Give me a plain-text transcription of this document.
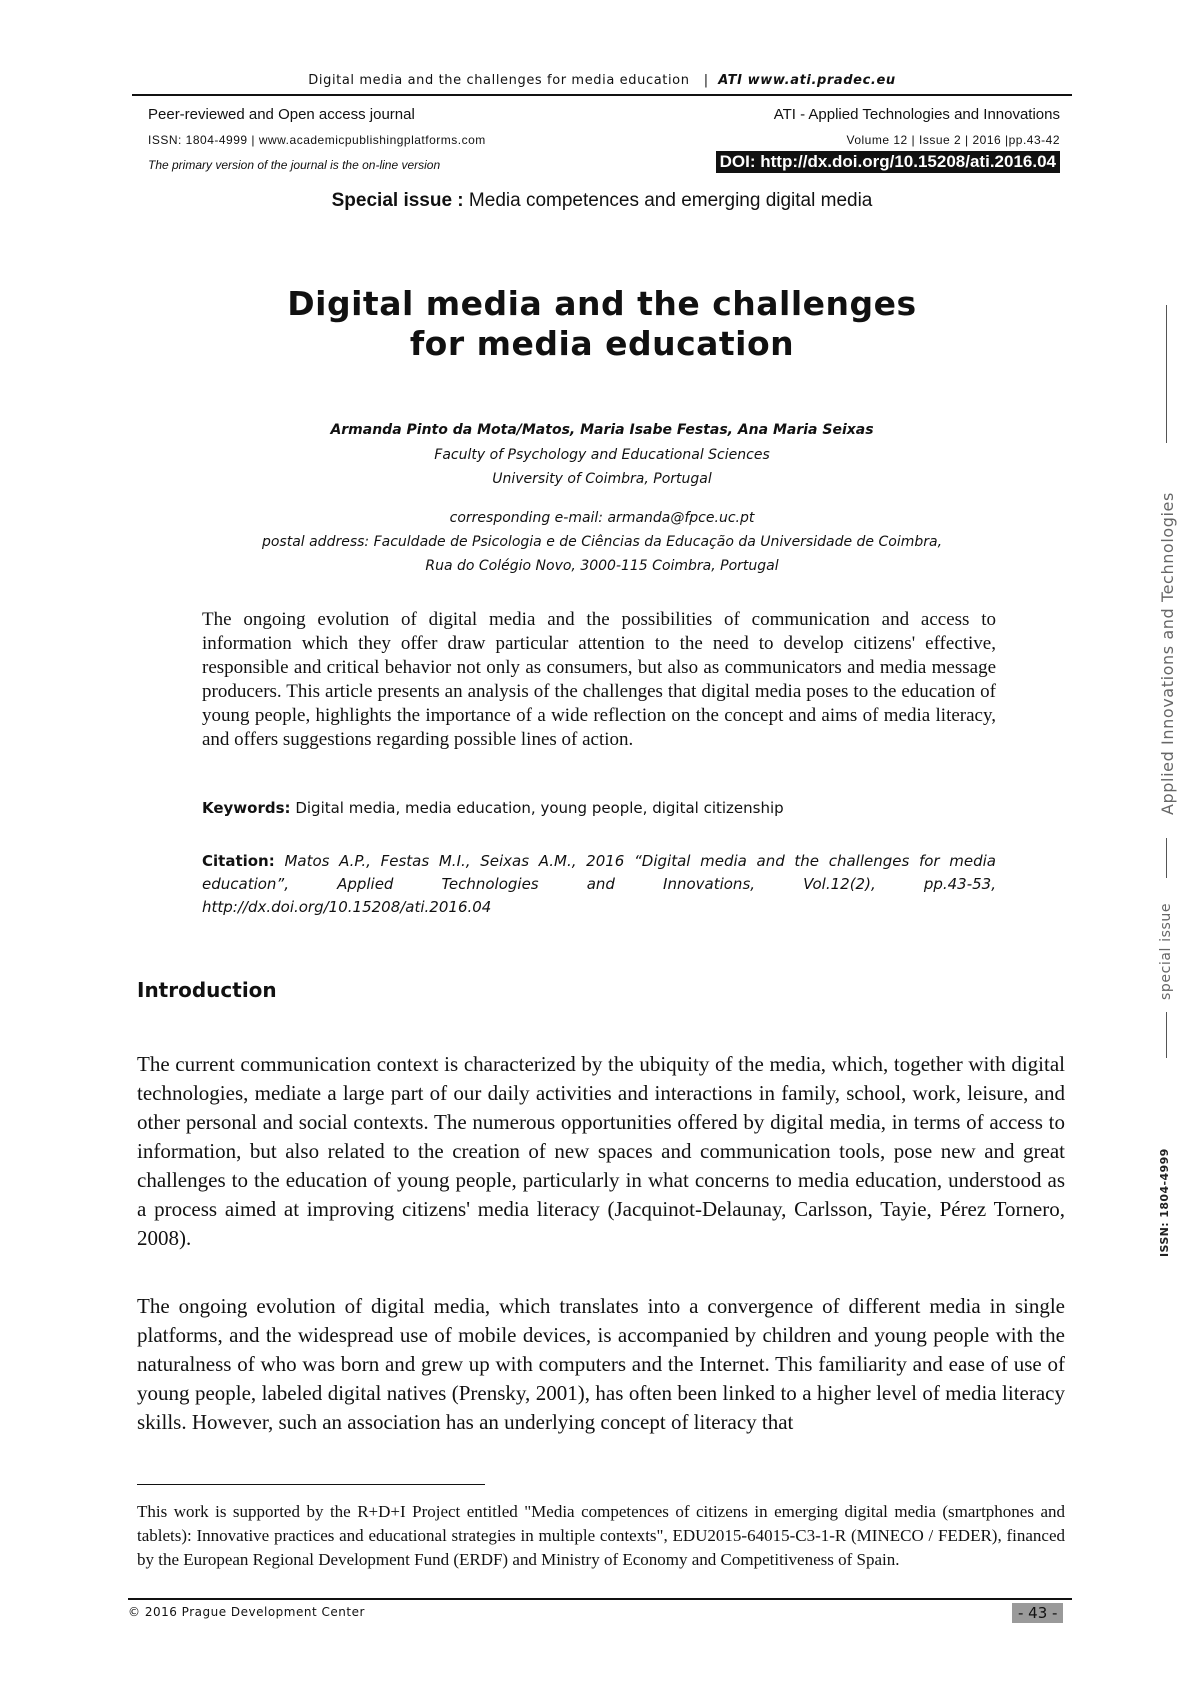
Digital media and the challenges for media education | ATI www.ati.pradec.eu
Peer-reviewed and Open access journal
ISSN: 1804-4999 | www.academicpublishingplatforms.com
The primary version of the journal is the on-line version
ATI - Applied Technologies and Innovations
Volume 12 | Issue 2 | 2016 |pp.43-42
DOI: http://dx.doi.org/10.15208/ati.2016.04
Special issue : Media competences and emerging digital media
Digital media and the challenges
for media education
Armanda Pinto da Mota/Matos, Maria Isabe Festas, Ana Maria Seixas
Faculty of Psychology and Educational Sciences
University of Coimbra, Portugal
corresponding e-mail: armanda@fpce.uc.pt
postal address: Faculdade de Psicologia e de Ciências da Educação da Universidade de Coimbra,
Rua do Colégio Novo, 3000-115 Coimbra, Portugal
The ongoing evolution of digital media and the possibilities of communication and access to information which they offer draw particular attention to the need to develop citizens' effective, responsible and critical behavior not only as consumers, but also as communicators and media message producers. This article presents an analysis of the challenges that digital media poses to the education of young people, highlights the importance of a wide reflection on the concept and aims of media literacy, and offers suggestions regarding possible lines of action.
Keywords: Digital media, media education, young people, digital citizenship
Citation: Matos A.P., Festas M.I., Seixas A.M., 2016 “Digital media and the challenges for media education”, Applied Technologies and Innovations, Vol.12(2), pp.43-53, http://dx.doi.org/10.15208/ati.2016.04
Introduction
The current communication context is characterized by the ubiquity of the media, which, together with digital technologies, mediate a large part of our daily activities and interactions in family, school, work, leisure, and other personal and social contexts. The numerous opportunities offered by digital media, in terms of access to information, but also related to the creation of new spaces and communication tools, pose new and great challenges to the education of young people, particularly in what concerns to media education, understood as a process aimed at improving citizens' media literacy (Jacquinot-Delaunay, Carlsson, Tayie, Pérez Tornero, 2008).
The ongoing evolution of digital media, which translates into a convergence of different media in single platforms, and the widespread use of mobile devices, is accompanied by children and young people with the naturalness of who was born and grew up with computers and the Internet. This familiarity and ease of use of young people, labeled digital natives (Prensky, 2001), has often been linked to a higher level of media literacy skills. However, such an association has an underlying concept of literacy that
This work is supported by the R+D+I Project entitled "Media competences of citizens in emerging digital media (smartphones and tablets): Innovative practices and educational strategies in multiple contexts", EDU2015-64015-C3-1-R (MINECO / FEDER), financed by the European Regional Development Fund (ERDF) and Ministry of Economy and Competitiveness of Spain.
© 2016 Prague Development Center	- 43 -
Applied Innovations and Technologies
special issue
ISSN: 1804-4999
